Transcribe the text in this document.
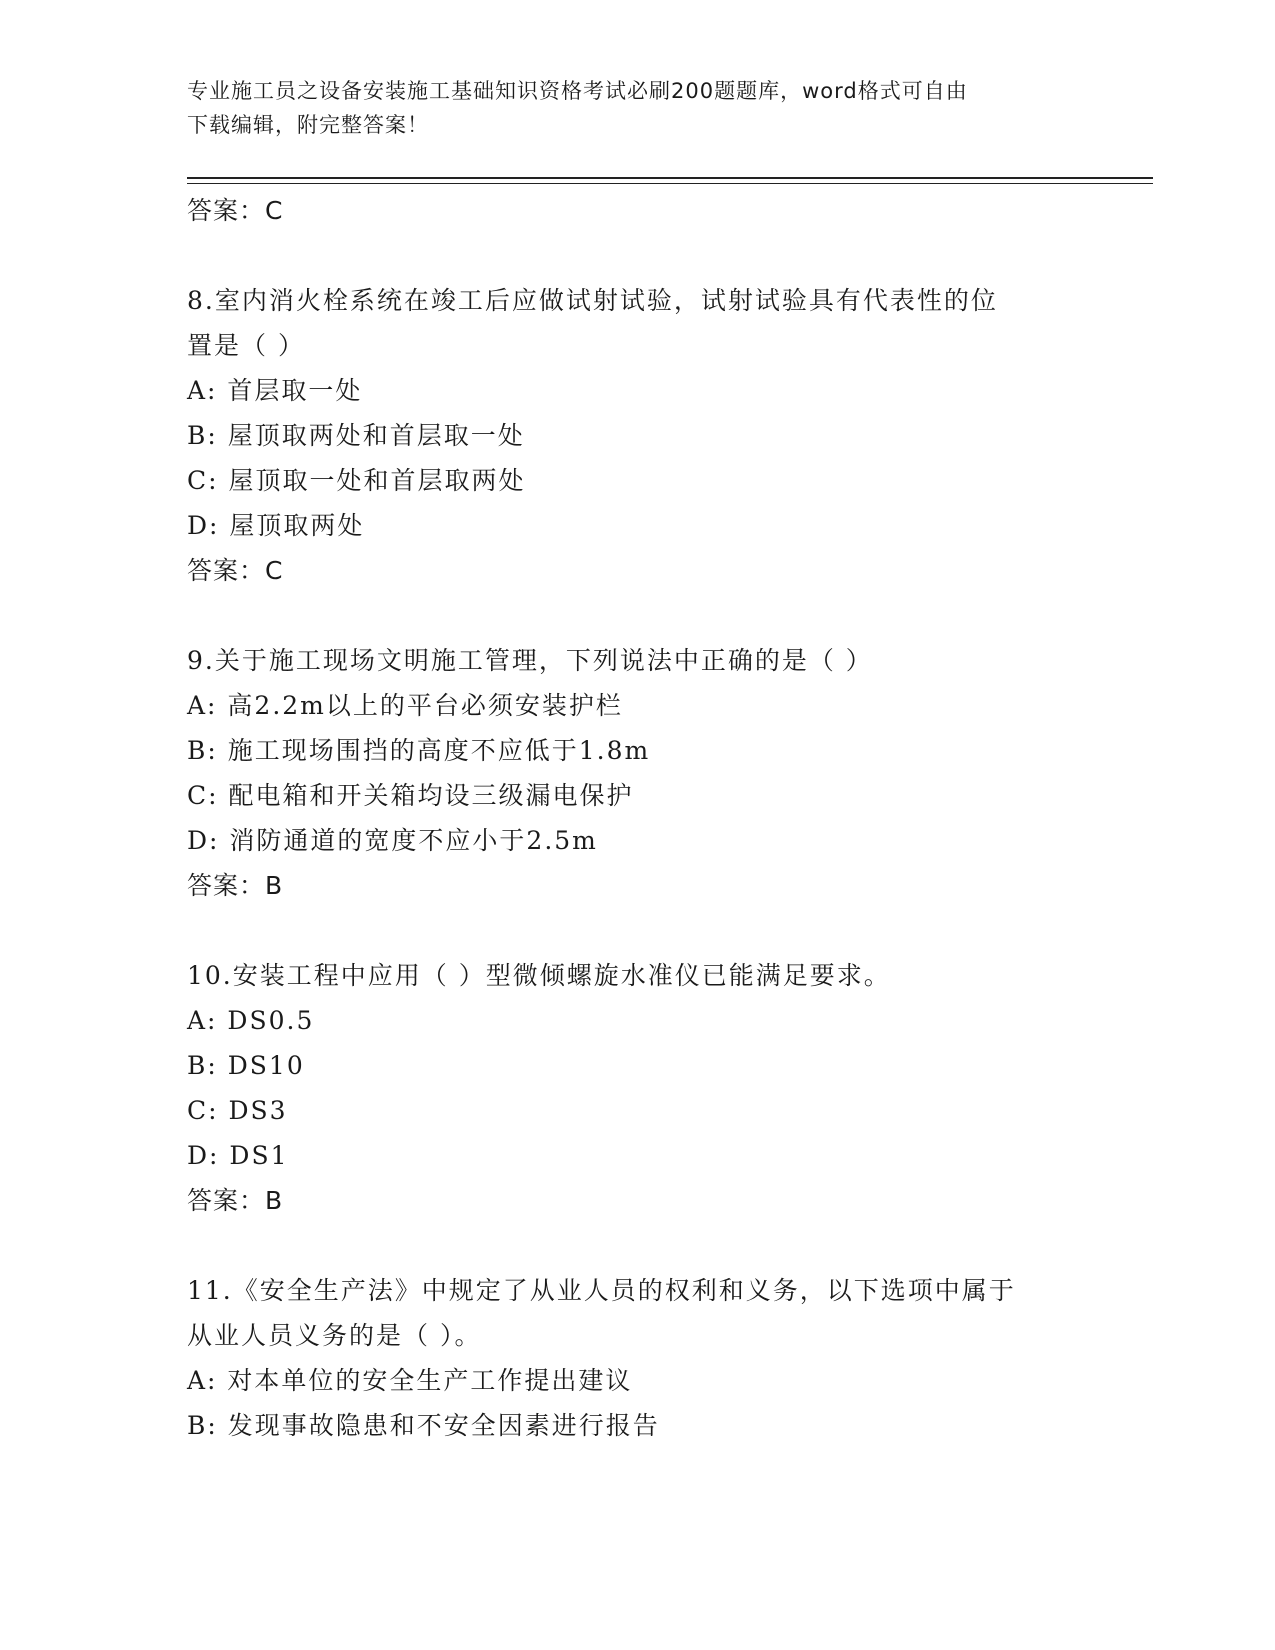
专业施工员之设备安装施工基础知识资格考试必刷200题题库，word格式可自由
下载编辑，附完整答案！
答案：C
8.室内消火栓系统在竣工后应做试射试验，试射试验具有代表性的位
置是（ ）
A: 首层取一处
B: 屋顶取两处和首层取一处
C: 屋顶取一处和首层取两处
D: 屋顶取两处
答案：C
9.关于施工现场文明施工管理，下列说法中正确的是（ ）
A: 高2.2m以上的平台必须安装护栏
B: 施工现场围挡的高度不应低于1.8m
C: 配电箱和开关箱均设三级漏电保护
D: 消防通道的宽度不应小于2.5m
答案：B
10.安装工程中应用（ ）型微倾螺旋水准仪已能满足要求。
A: DS0.5
B: DS10
C: DS3
D: DS1
答案：B
11.《安全生产法》中规定了从业人员的权利和义务，以下选项中属于
从业人员义务的是（ ）。
A: 对本单位的安全生产工作提出建议
B: 发现事故隐患和不安全因素进行报告
